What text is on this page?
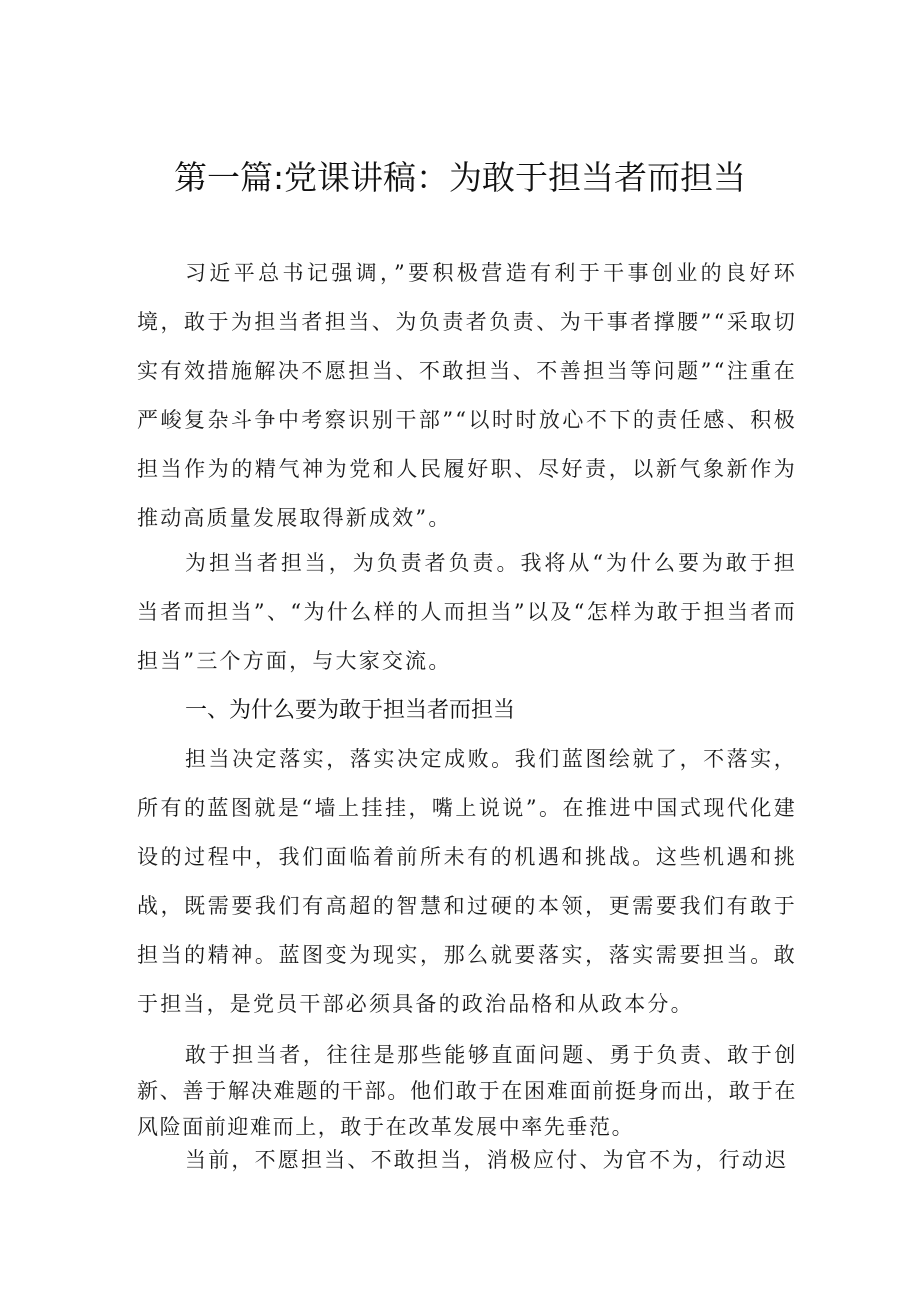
第一篇:党课讲稿：为敢于担当者而担当

习近平总书记强调，”要积极营造有利于干事创业的良好环境，敢于为担当者担当、为负责者负责、为干事者撑腰”“采取切实有效措施解决不愿担当、不敢担当、不善担当等问题”“注重在严峻复杂斗争中考察识别干部”“以时时放心不下的责任感、积极担当作为的精气神为党和人民履好职、尽好责，以新气象新作为推动高质量发展取得新成效”。

为担当者担当，为负责者负责。我将从“为什么要为敢于担当者而担当”、“为什么样的人而担当”以及“怎样为敢于担当者而担当”三个方面，与大家交流。

一、为什么要为敢于担当者而担当

担当决定落实，落实决定成败。我们蓝图绘就了，不落实，所有的蓝图就是“墙上挂挂，嘴上说说”。在推进中国式现代化建设的过程中，我们面临着前所未有的机遇和挑战。这些机遇和挑战，既需要我们有高超的智慧和过硬的本领，更需要我们有敢于担当的精神。蓝图变为现实，那么就要落实，落实需要担当。敢于担当，是党员干部必须具备的政治品格和从政本分。

敢于担当者，往往是那些能够直面问题、勇于负责、敢于创新、善于解决难题的干部。他们敢于在困难面前挺身而出，敢于在风险面前迎难而上，敢于在改革发展中率先垂范。

当前，不愿担当、不敢担当，消极应付、为官不为，行动迟
